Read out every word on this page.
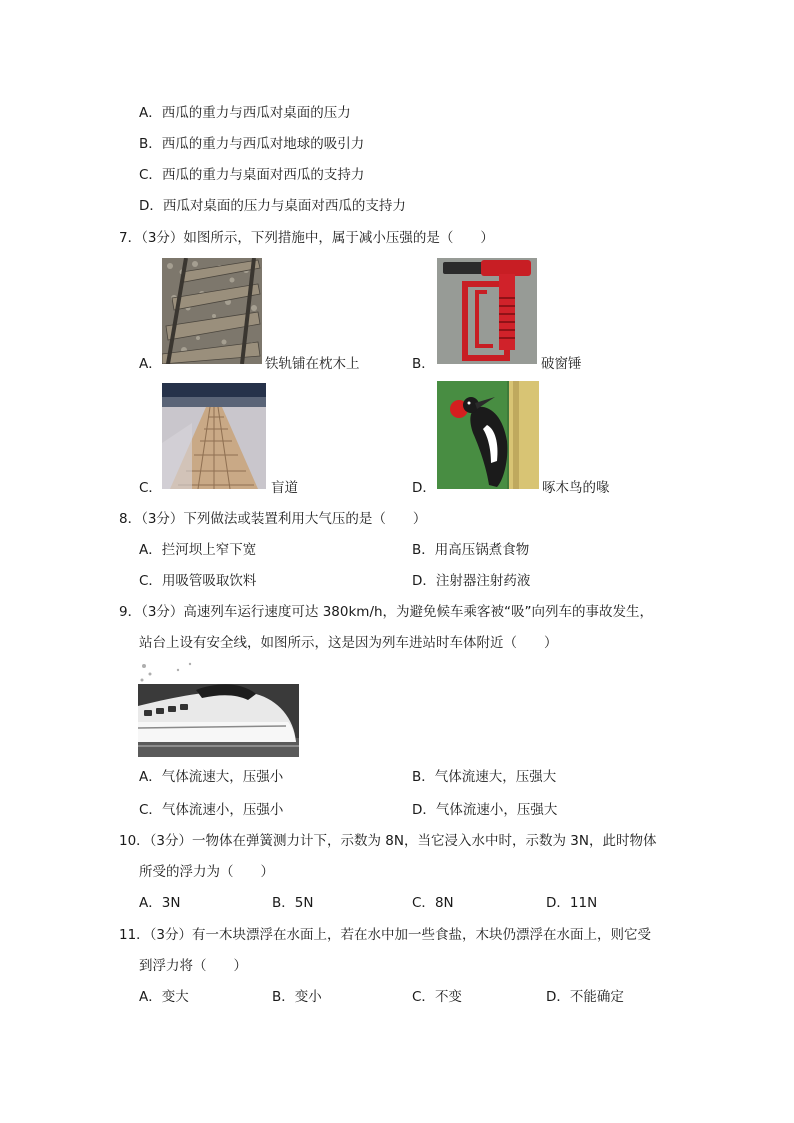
A．西瓜的重力与西瓜对桌面的压力
B．西瓜的重力与西瓜对地球的吸引力
C．西瓜的重力与桌面对西瓜的支持力
D．西瓜对桌面的压力与桌面对西瓜的支持力
7．（3分）如图所示，下列措施中，属于减小压强的是（　　）
A．	铁轨铺在枕木上	B．	破窗锤
C．	盲道	D．	啄木鸟的喙
8．（3分）下列做法或装置利用大气压的是（　　）
A．拦河坝上窄下宽	B．用高压锅煮食物
C．用吸管吸取饮料	D．注射器注射药液
9．（3分）高速列车运行速度可达 380km/h，为避免候车乘客被“吸”向列车的事故发生，
站台上设有安全线，如图所示，这是因为列车进站时车体附近（　　）
A．气体流速大，压强小	B．气体流速大，压强大
C．气体流速小，压强小	D．气体流速小，压强大
10．（3分）一物体在弹簧测力计下，示数为 8N，当它浸入水中时，示数为 3N，此时物体
所受的浮力为（　　）
A．3N	B．5N	C．8N	D．11N
11．（3分）有一木块漂浮在水面上，若在水中加一些食盐，木块仍漂浮在水面上，则它受
到浮力将（　　）
A．变大	B．变小	C．不变	D．不能确定
